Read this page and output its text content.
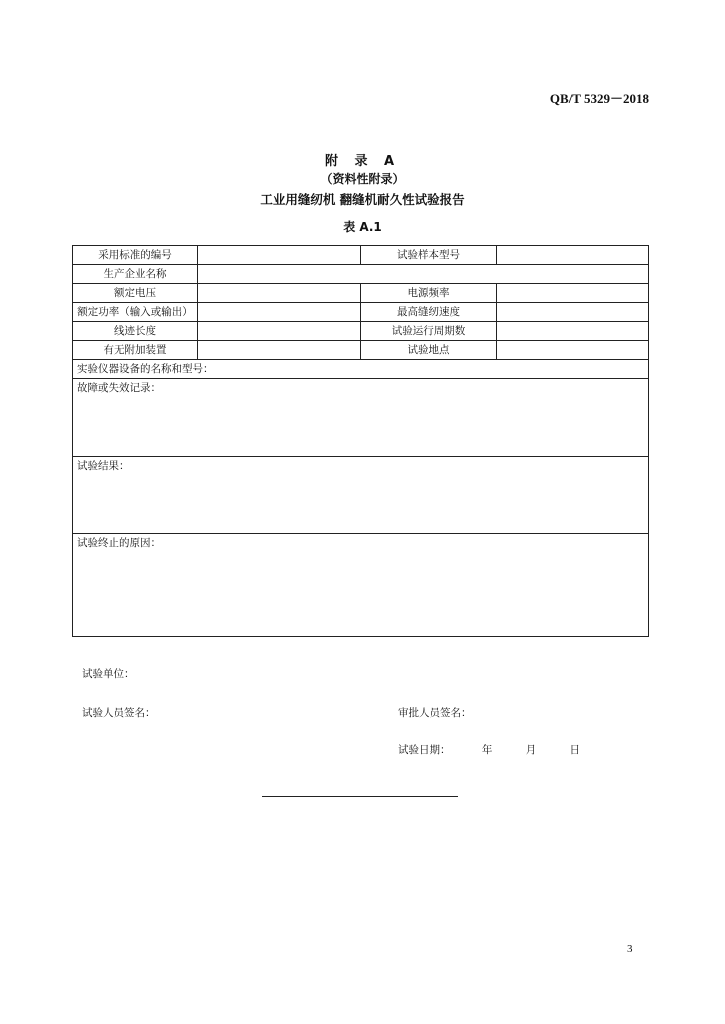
QB/T 5329－2018
附 录 A
（资料性附录）
工业用缝纫机 翻缝机耐久性试验报告
表 A.1
采用标准的编号		试验样本型号	
生产企业名称			
额定电压		电源频率	
额定功率（输入或输出）		最高缝纫速度	
线迹长度		试验运行周期数	
有无附加装置		试验地点	
实验仪器设备的名称和型号：			
故障或失效记录：			
试验结果：			
试验终止的原因：			
试验单位：
试验人员签名：	审批人员签名：
试验日期：	年	月	日
3
